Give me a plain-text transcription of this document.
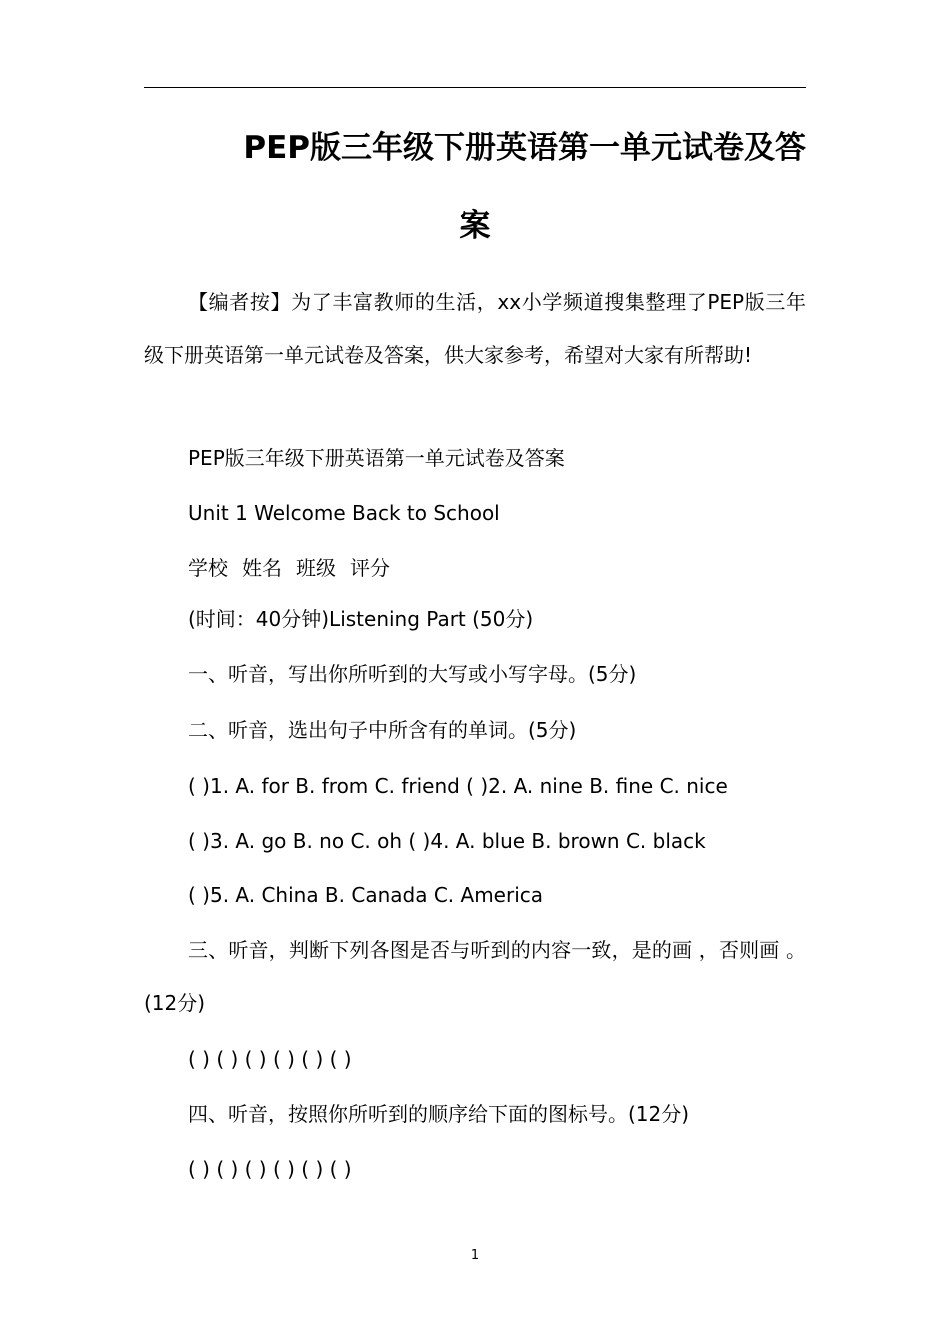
PEP版三年级下册英语第一单元试卷及答
案
【编者按】为了丰富教师的生活，xx小学频道搜集整理了PEP版三年级下册英语第一单元试卷及答案，供大家参考，希望对大家有所帮助!
PEP版三年级下册英语第一单元试卷及答案
Unit 1 Welcome Back to School
学校 姓名 班级 评分
(时间：40分钟)Listening Part (50分)
一、听音，写出你所听到的大写或小写字母。(5分)
二、听音，选出句子中所含有的单词。(5分)
( )1. A. for B. from C. friend ( )2. A. nine B. fine C. nice
( )3. A. go B. no C. oh ( )4. A. blue B. brown C. black
( )5. A. China B. Canada C. America
三、听音，判断下列各图是否与听到的内容一致，是的画 ，否则画 。(12分)
( ) ( ) ( ) ( ) ( ) ( )
四、听音，按照你所听到的顺序给下面的图标号。(12分)
( ) ( ) ( ) ( ) ( ) ( )
1
